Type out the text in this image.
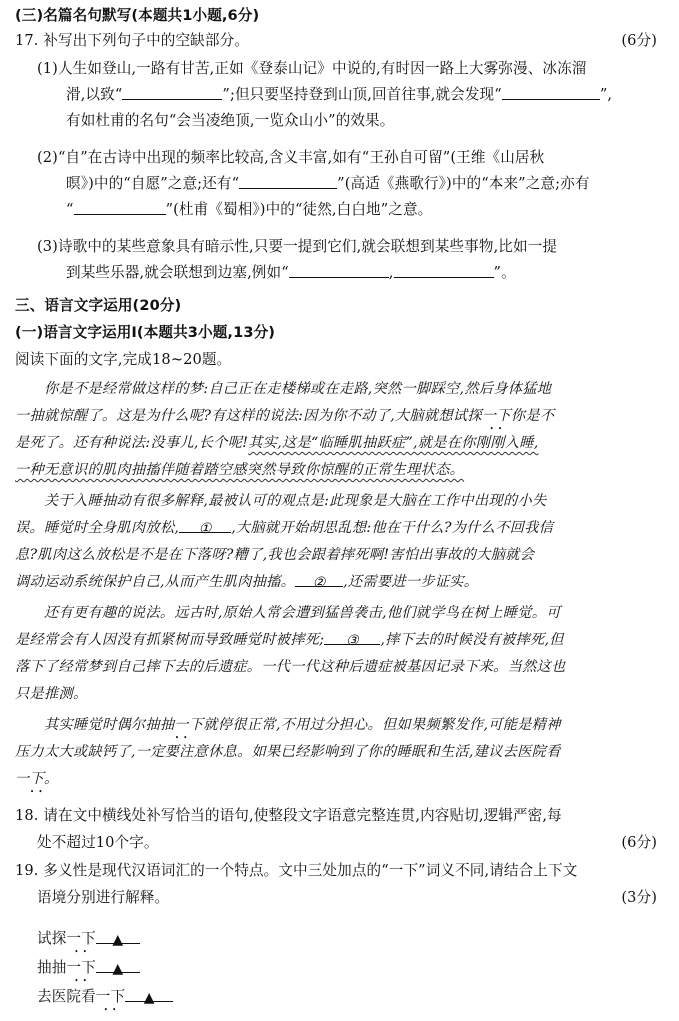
(三)名篇名句默写(本题共1小题,6分)
17. 补写出下列句子中的空缺部分。	(6分)
(1)人生如登山,一路有甘苦,正如《登泰山记》中说的,有时因一路上大雾弥漫、冰冻溜
滑,以致“	”;但只要坚持登到山顶,回首往事,就会发现“	”,
有如杜甫的名句“会当凌绝顶,一览众山小”的效果。
(2)“自”在古诗中出现的频率比较高,含义丰富,如有“王孙自可留”(王维《山居秋
暝》)中的“自愿”之意;还有“	”(高适《燕歌行》)中的“本来”之意;亦有
“	”(杜甫《蜀相》)中的“徒然,白白地”之意。
(3)诗歌中的某些意象具有暗示性,只要一提到它们,就会联想到某些事物,比如一提
到某些乐器,就会联想到边塞,例如“	,	”。
三、语言文字运用(20分)
(一)语言文字运用Ⅰ(本题共3小题,13分)
阅读下面的文字,完成18~20题。
你是不是经常做这样的梦:自己正在走楼梯或在走路,突然一脚踩空,然后身体猛地
一抽就惊醒了。这是为什么呢?有这样的说法:因为你不动了,大脑就想试探一下 • •你是不
是死了。还有种说法:没事儿,长个呢!其实,这是“临睡肌抽跃症”,就是在你刚刚入睡,
一种无意识的肌肉抽搐伴随着踏空感突然导致你惊醒的正常生理状态。
关于入睡抽动有很多解释,最被认可的观点是:此现象是大脑在工作中出现的小失
误。睡觉时全身肌肉放松, ① ,大脑就开始胡思乱想:他在干什么?为什么不回我信
息?肌肉这么放松是不是在下落呀?糟了,我也会跟着摔死啊!害怕出事故的大脑就会
调动运动系统保护自己,从而产生肌肉抽搐。 ② ,还需要进一步证实。
还有更有趣的说法。远古时,原始人常会遭到猛兽袭击,他们就学鸟在树上睡觉。可
是经常会有人因没有抓紧树而导致睡觉时被摔死; ③ ,摔下去的时候没有被摔死,但
落下了经常梦到自己摔下去的后遗症。一代一代这种后遗症被基因记录下来。当然这也
只是推测。
其实睡觉时偶尔抽抽一下 • •就停很正常,不用过分担心。但如果频繁发作,可能是精神
压力太大或缺钙了,一定要注意休息。如果已经影响到了你的睡眠和生活,建议去医院看
一下。 • •
18. 请在文中横线处补写恰当的语句,使整段文字语意完整连贯,内容贴切,逻辑严密,每
处不超过10个字。	(6分)
19. 多义性是现代汉语词汇的一个特点。文中三处加点的“一下”词义不同,请结合上下文
语境分别进行解释。	(3分)
试探一下 • • ▲
抽抽一下 • • ▲
去医院看一下 • • ▲
